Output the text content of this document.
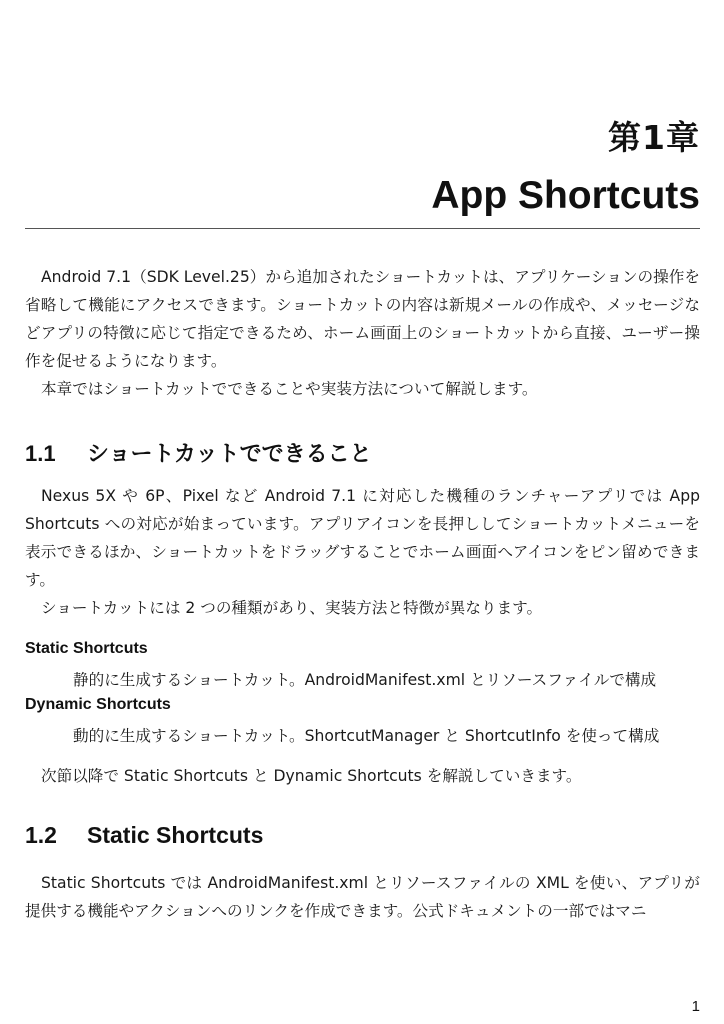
第1章
App Shortcuts

Android 7.1（SDK Level.25）から追加されたショートカットは、アプリケーションの操作を省略して機能にアクセスできます。ショートカットの内容は新規メールの作成や、メッセージなどアプリの特徴に応じて指定できるため、ホーム画面上のショートカットから直接、ユーザー操作を促せるようになります。

本章ではショートカットでできることや実装方法について解説します。

1.1 ショートカットでできること

Nexus 5X や 6P、Pixel など Android 7.1 に対応した機種のランチャーアプリでは App Shortcuts への対応が始まっています。アプリアイコンを長押ししてショートカットメニューを表示できるほか、ショートカットをドラッグすることでホーム画面へアイコンをピン留めできます。

ショートカットには 2 つの種類があり、実装方法と特徴が異なります。

Static Shortcuts
静的に生成するショートカット。AndroidManifest.xml とリソースファイルで構成
Dynamic Shortcuts
動的に生成するショートカット。ShortcutManager と ShortcutInfo を使って構成

次節以降で Static Shortcuts と Dynamic Shortcuts を解説していきます。

1.2 Static Shortcuts

Static Shortcuts では AndroidManifest.xml とリソースファイルの XML を使い、アプリが提供する機能やアクションへのリンクを作成できます。公式ドキュメントの一部ではマニ

1
